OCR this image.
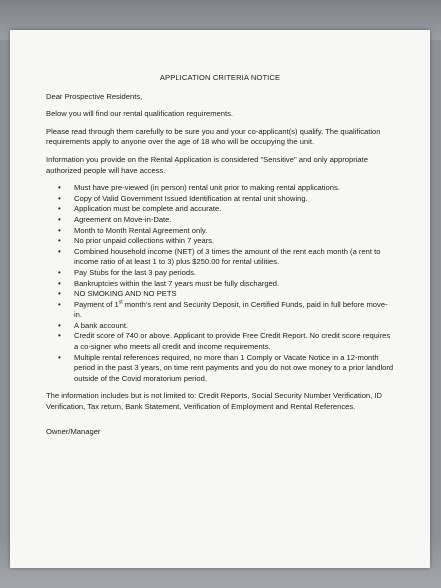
APPLICATION CRITERIA NOTICE

Dear Prospective Residents,

Below you will find our rental qualification requirements.

Please read through them carefully to be sure you and your co-applicant(s) qualify. The qualification requirements apply to anyone over the age of 18 who will be occupying the unit.

Information you provide on the Rental Application is considered "Sensitive" and only appropriate authorized people will have access.

• Must have pre-viewed (in person) rental unit prior to making rental applications.
• Copy of Valid Government Issued Identification at rental unit showing.
• Application must be complete and accurate.
• Agreement on Move-in-Date.
• Month to Month Rental Agreement only.
• No prior unpaid collections within 7 years.
• Combined household income (NET) of 3 times the amount of the rent each month (a rent to income ratio of at least 1 to 3) plus $250.00 for rental utilities.
• Pay Stubs for the last 3 pay periods.
• Bankruptcies within the last 7 years must be fully discharged.
• NO SMOKING AND NO PETS
• Payment of 1st month’s rent and Security Deposit, in Certified Funds, paid in full before move-in.
• A bank account.
• Credit score of 740 or above. Applicant to provide Free Credit Report. No credit score requires a co-signer who meets all credit and income requirements.
• Multiple rental references required, no more than 1 Comply or Vacate Notice in a 12-month period in the past 3 years, on time rent payments and you do not owe money to a prior landlord outside of the Covid moratorium period.

The information includes but is not limited to: Credit Reports, Social Security Number Verification, ID Verification, Tax return, Bank Statement, Verification of Employment and Rental References.

Owner/Manager
